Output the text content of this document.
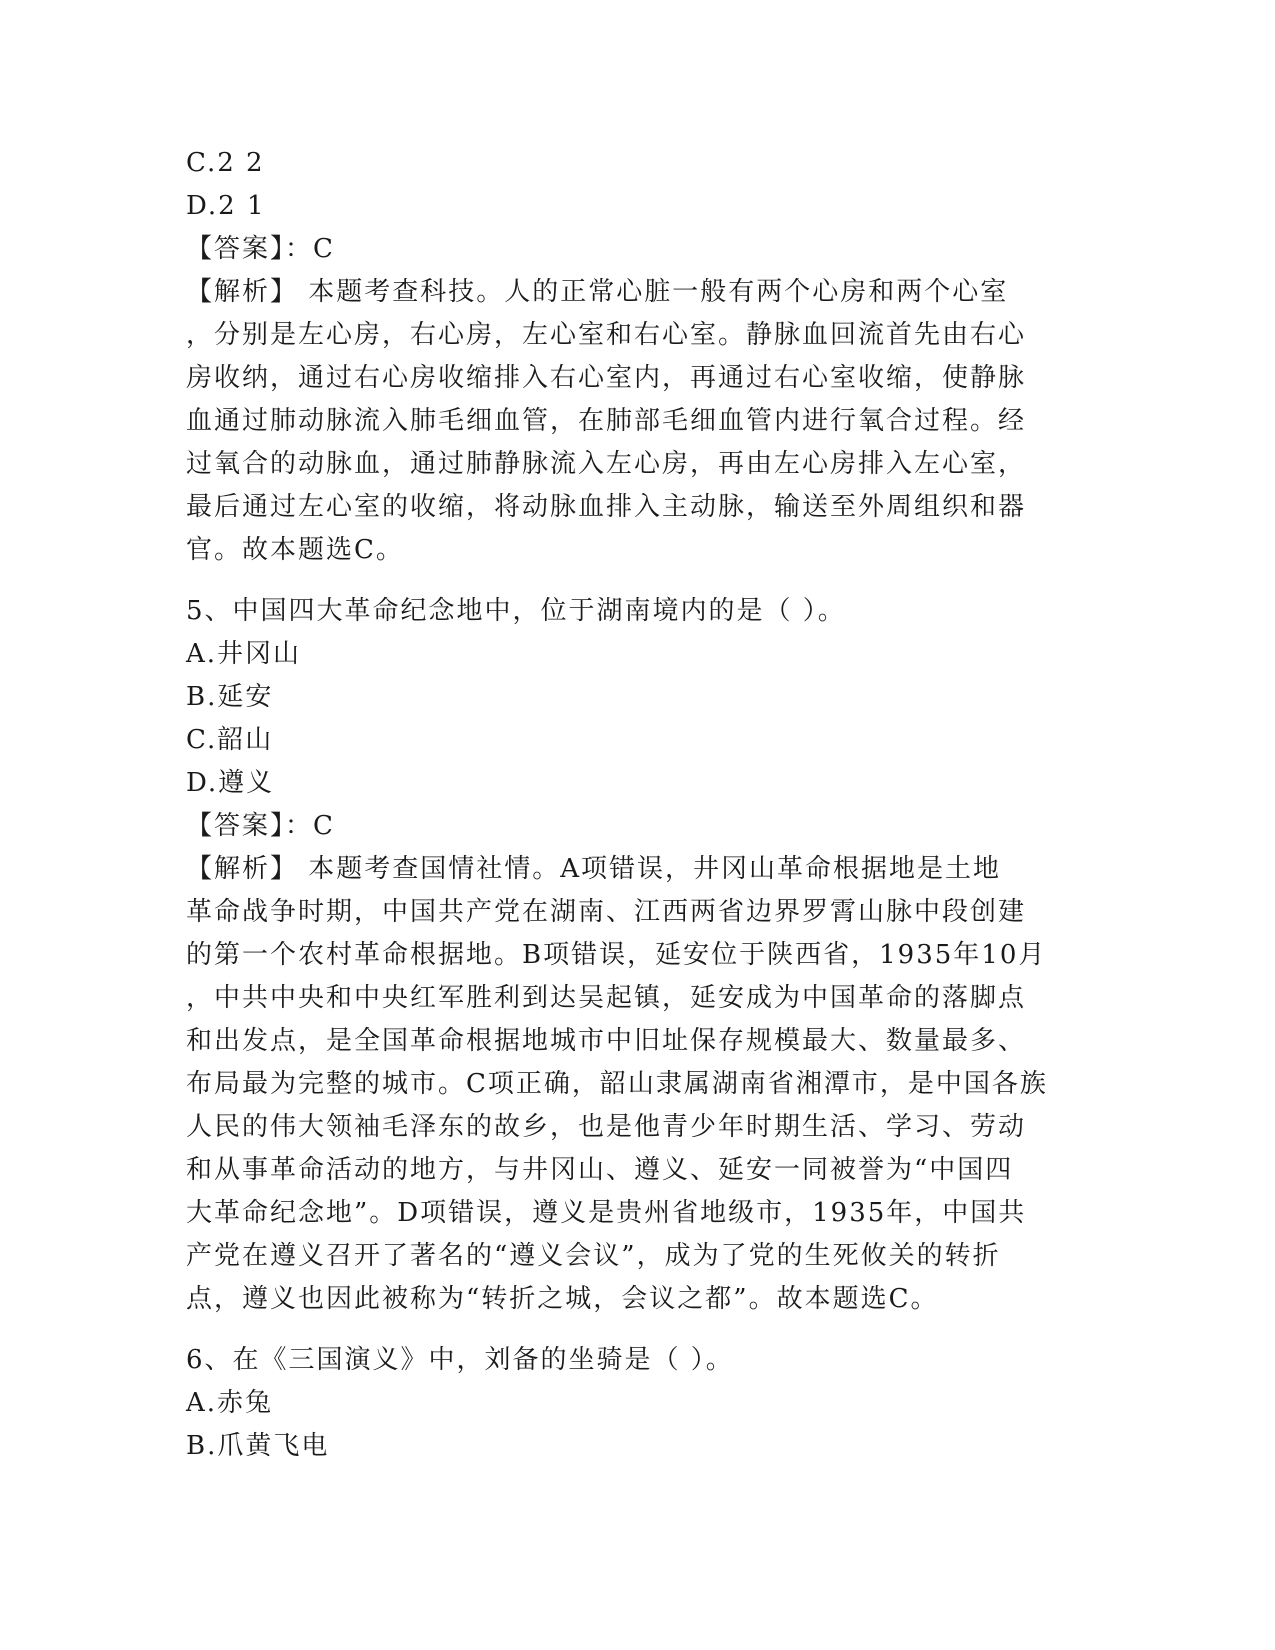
C.2 2
D.2 1
【答案】：C
【解析】 本题考查科技。人的正常心脏一般有两个心房和两个心室
，分别是左心房，右心房，左心室和右心室。静脉血回流首先由右心
房收纳，通过右心房收缩排入右心室内，再通过右心室收缩，使静脉
血通过肺动脉流入肺毛细血管，在肺部毛细血管内进行氧合过程。经
过氧合的动脉血，通过肺静脉流入左心房，再由左心房排入左心室，
最后通过左心室的收缩，将动脉血排入主动脉，输送至外周组织和器
官。故本题选C。
5、中国四大革命纪念地中，位于湖南境内的是（ ）。
A.井冈山
B.延安
C.韶山
D.遵义
【答案】：C
【解析】 本题考查国情社情。A项错误，井冈山革命根据地是土地
革命战争时期，中国共产党在湖南、江西两省边界罗霄山脉中段创建
的第一个农村革命根据地。B项错误，延安位于陕西省，1935年10月
，中共中央和中央红军胜利到达吴起镇，延安成为中国革命的落脚点
和出发点，是全国革命根据地城市中旧址保存规模最大、数量最多、
布局最为完整的城市。C项正确，韶山隶属湖南省湘潭市，是中国各族
人民的伟大领袖毛泽东的故乡，也是他青少年时期生活、学习、劳动
和从事革命活动的地方，与井冈山、遵义、延安一同被誉为“中国四
大革命纪念地”。D项错误，遵义是贵州省地级市，1935年，中国共
产党在遵义召开了著名的“遵义会议”，成为了党的生死攸关的转折
点，遵义也因此被称为“转折之城，会议之都”。故本题选C。
6、在《三国演义》中，刘备的坐骑是（ ）。
A.赤兔
B.爪黄飞电
